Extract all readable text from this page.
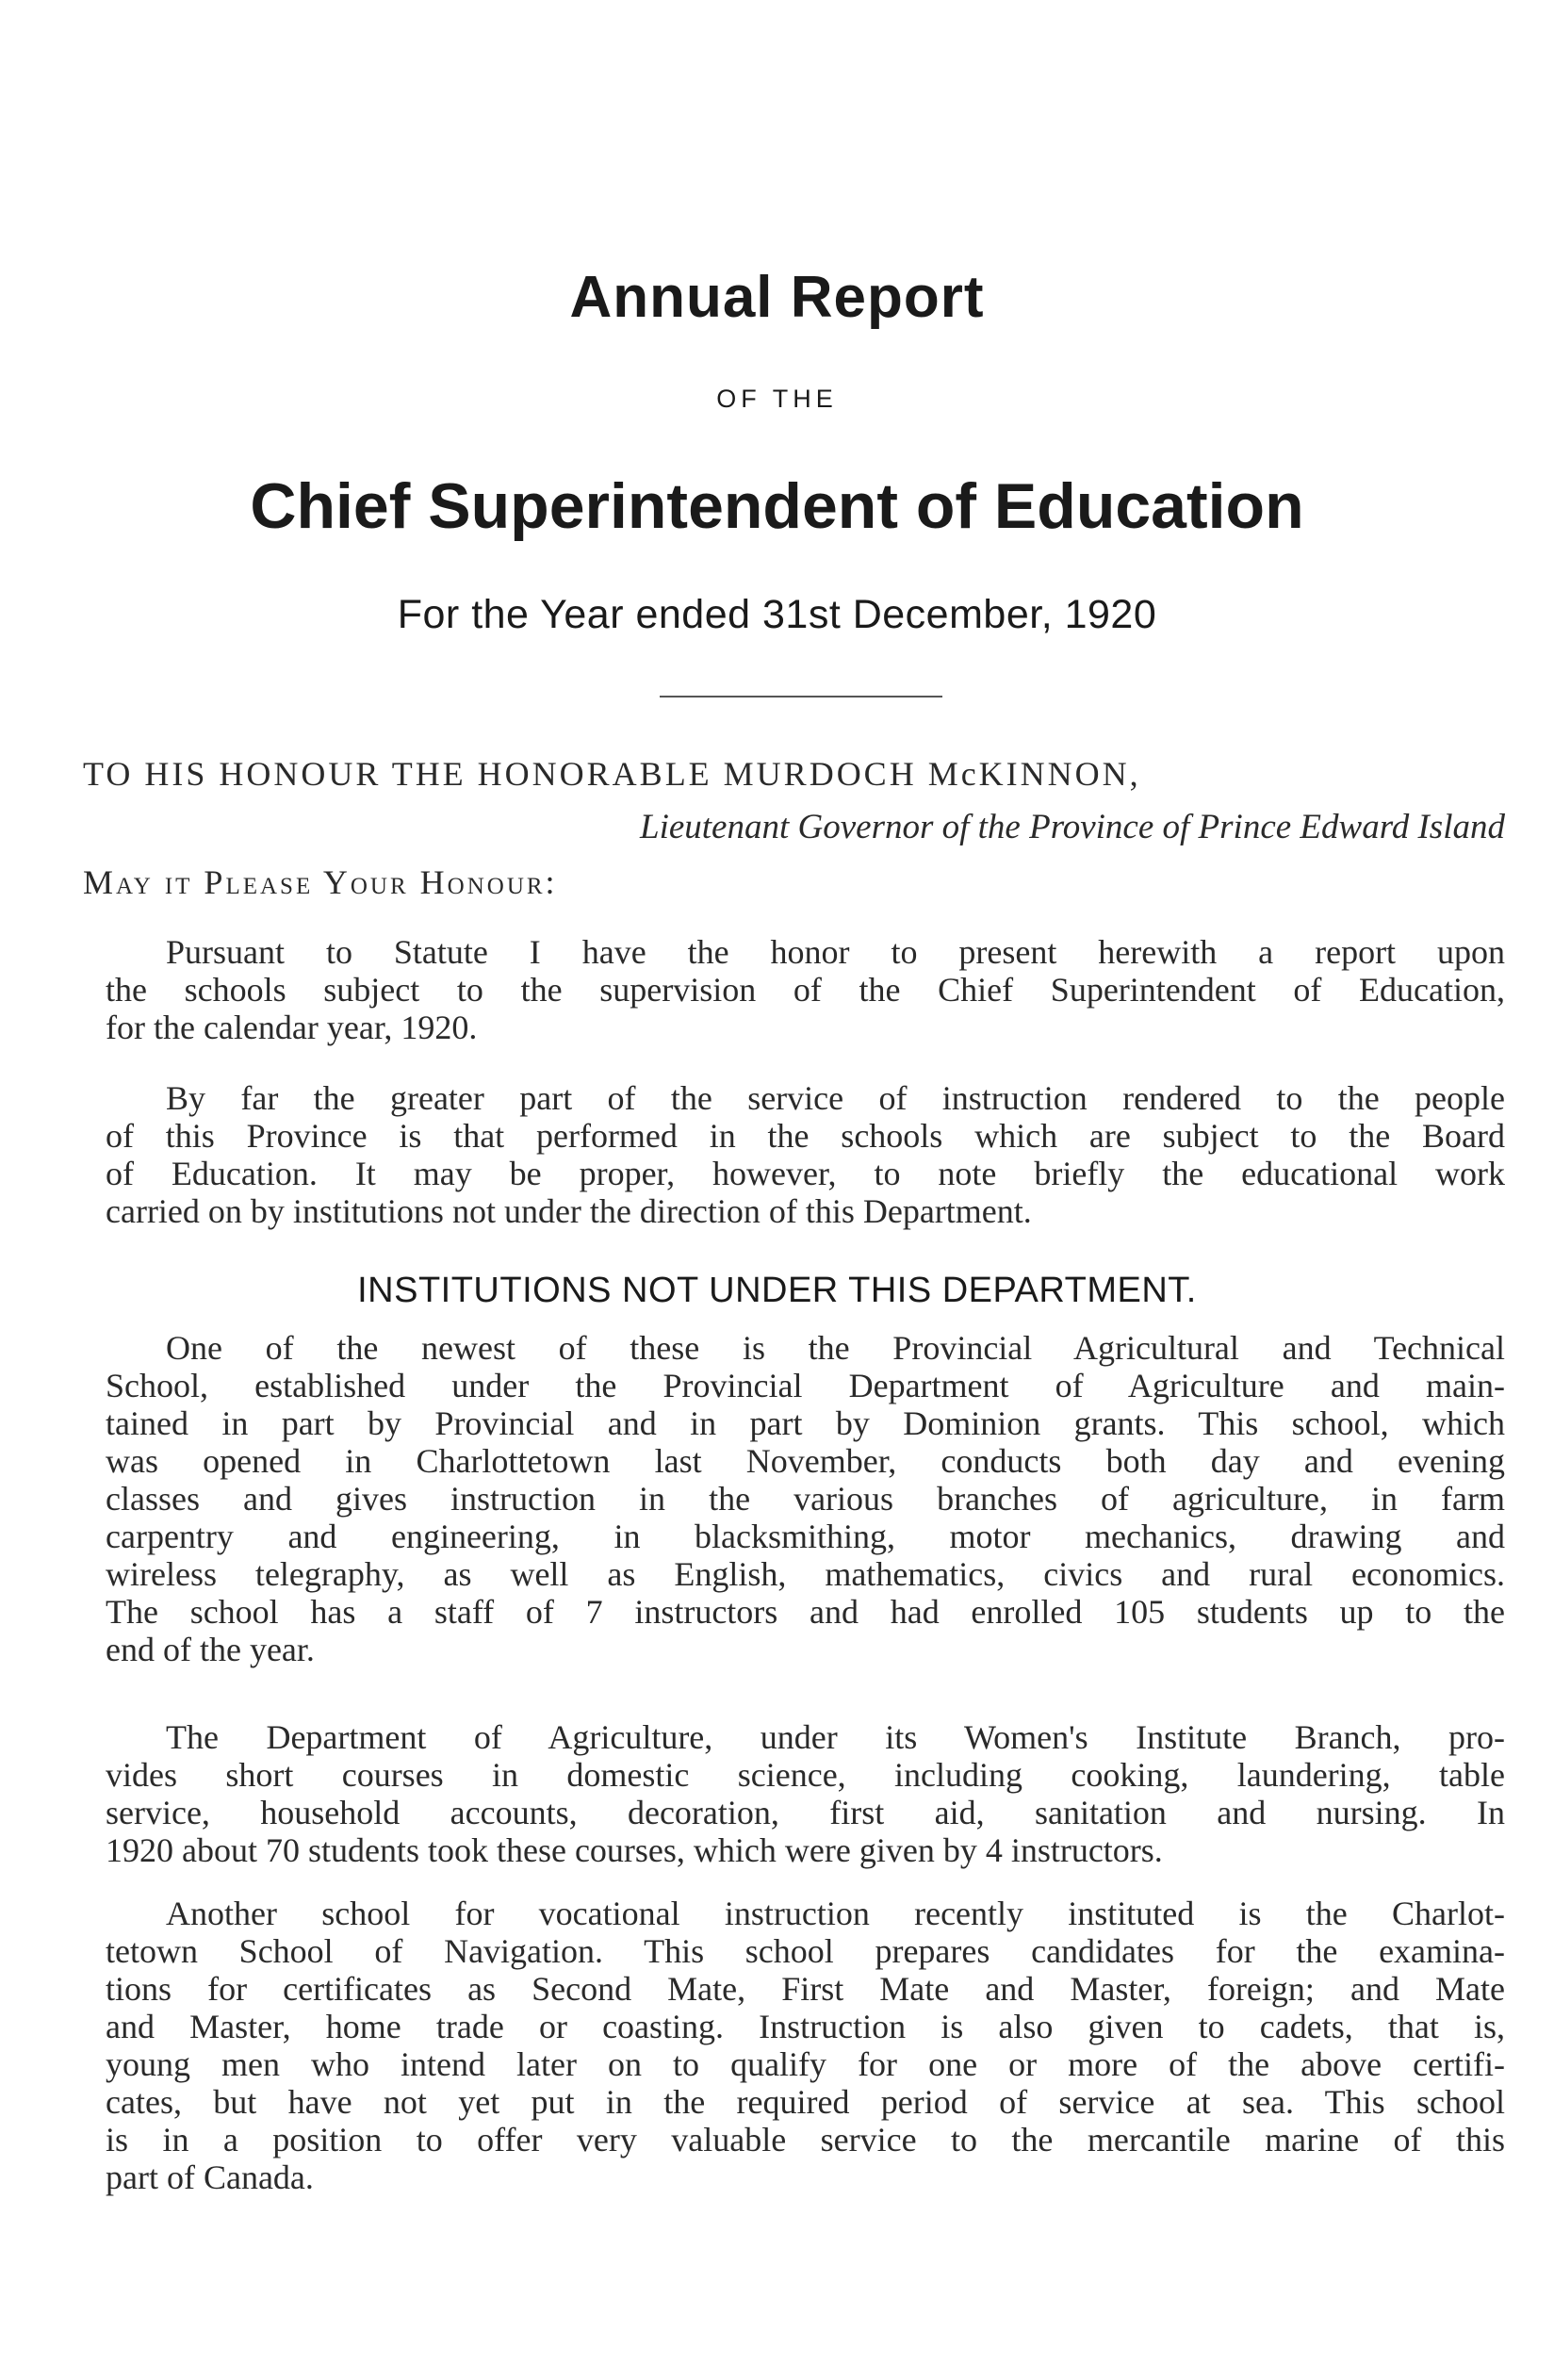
Annual Report
OF THE
Chief Superintendent of Education
For the Year ended 31st December, 1920
TO HIS HONOUR THE HONORABLE MURDOCH McKINNON,
Lieutenant Governor of the Province of Prince Edward Island
May it Please Your Honour:
Pursuant to Statute I have the honor to present herewith a report upon
the schools subject to the supervision of the Chief Superintendent of Education,
for the calendar year, 1920.
By far the greater part of the service of instruction rendered to the people
of this Province is that performed in the schools which are subject to the Board
of Education. It may be proper, however, to note briefly the educational work
carried on by institutions not under the direction of this Department.
INSTITUTIONS NOT UNDER THIS DEPARTMENT.
One of the newest of these is the Provincial Agricultural and Technical
School, established under the Provincial Department of Agriculture and main-
tained in part by Provincial and in part by Dominion grants. This school, which
was opened in Charlottetown last November, conducts both day and evening
classes and gives instruction in the various branches of agriculture, in farm
carpentry and engineering, in blacksmithing, motor mechanics, drawing and
wireless telegraphy, as well as English, mathematics, civics and rural economics.
The school has a staff of 7 instructors and had enrolled 105 students up to the
end of the year.
The Department of Agriculture, under its Women's Institute Branch, pro-
vides short courses in domestic science, including cooking, laundering, table
service, household accounts, decoration, first aid, sanitation and nursing. In
1920 about 70 students took these courses, which were given by 4 instructors.
Another school for vocational instruction recently instituted is the Charlot-
tetown School of Navigation. This school prepares candidates for the examina-
tions for certificates as Second Mate, First Mate and Master, foreign; and Mate
and Master, home trade or coasting. Instruction is also given to cadets, that is,
young men who intend later on to qualify for one or more of the above certifi-
cates, but have not yet put in the required period of service at sea. This school
is in a position to offer very valuable service to the mercantile marine of this
part of Canada.
